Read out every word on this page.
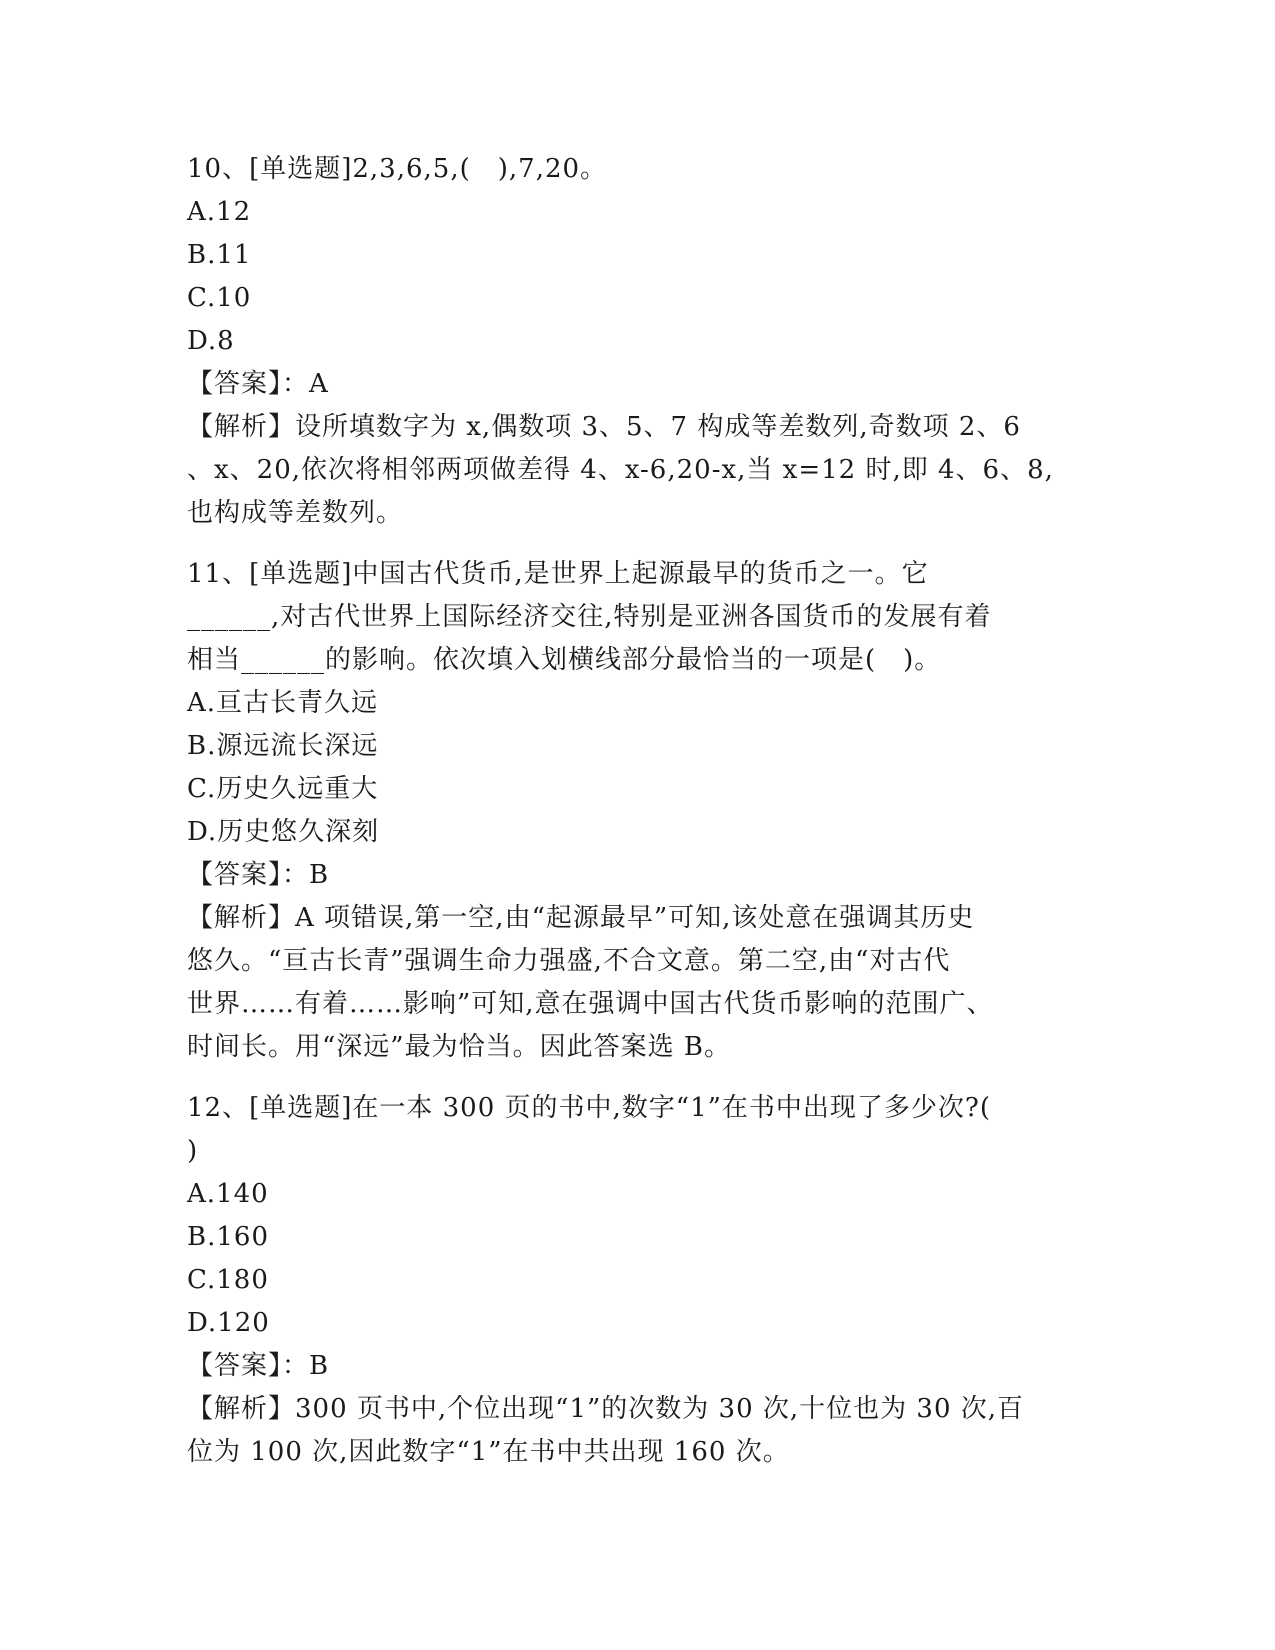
10、[单选题]2,3,6,5,(　),7,20。

A.12

B.11

C.10

D.8

【答案】：A

【解析】设所填数字为 x,偶数项 3、5、7 构成等差数列,奇数项 2、6

、x、20,依次将相邻两项做差得 4、x-6,20-x,当 x=12 时,即 4、6、8,

也构成等差数列。

11、[单选题]中国古代货币,是世界上起源最早的货币之一。它

______,对古代世界上国际经济交往,特别是亚洲各国货币的发展有着

相当______的影响。依次填入划横线部分最恰当的一项是(　)。

A.亘古长青久远

B.源远流长深远

C.历史久远重大

D.历史悠久深刻

【答案】：B

【解析】A 项错误,第一空,由“起源最早”可知,该处意在强调其历史

悠久。“亘古长青”强调生命力强盛,不合文意。第二空,由“对古代

世界……有着……影响”可知,意在强调中国古代货币影响的范围广、

时间长。用“深远”最为恰当。因此答案选 B。

12、[单选题]在一本 300 页的书中,数字“1”在书中出现了多少次?(

)

A.140

B.160

C.180

D.120

【答案】：B

【解析】300 页书中,个位出现“1”的次数为 30 次,十位也为 30 次,百

位为 100 次,因此数字“1”在书中共出现 160 次。
